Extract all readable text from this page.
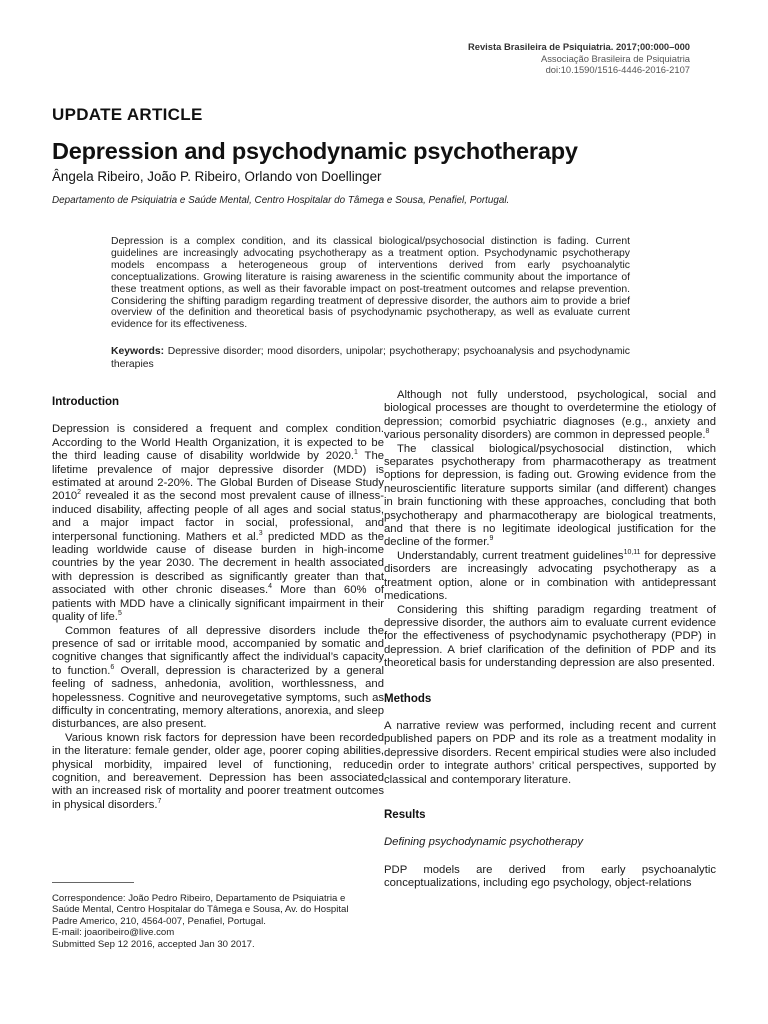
Revista Brasileira de Psiquiatria. 2017;00:000–000
Associação Brasileira de Psiquiatria
doi:10.1590/1516-4446-2016-2107
UPDATE ARTICLE
Depression and psychodynamic psychotherapy
Ângela Ribeiro, João P. Ribeiro, Orlando von Doellinger
Departamento de Psiquiatria e Saúde Mental, Centro Hospitalar do Tâmega e Sousa, Penafiel, Portugal.
Depression is a complex condition, and its classical biological/psychosocial distinction is fading. Current guidelines are increasingly advocating psychotherapy as a treatment option. Psychodynamic psychotherapy models encompass a heterogeneous group of interventions derived from early psychoanalytic conceptualizations. Growing literature is raising awareness in the scientific community about the importance of these treatment options, as well as their favorable impact on post-treatment outcomes and relapse prevention. Considering the shifting paradigm regarding treatment of depressive disorder, the authors aim to provide a brief overview of the definition and theoretical basis of psychodynamic psychotherapy, as well as evaluate current evidence for its effectiveness.
Keywords: Depressive disorder; mood disorders, unipolar; psychotherapy; psychoanalysis and psychodynamic therapies
Introduction

Depression is considered a frequent and complex condition. According to the World Health Organization, it is expected to be the third leading cause of disability worldwide by 2020.$^1$ The lifetime prevalence of major depressive disorder (MDD) is estimated at around 2-20%. The Global Burden of Disease Study 2010$^2$ revealed it as the second most prevalent cause of illness-induced disability, affecting people of all ages and social status, and a major impact factor in social, professional, and interpersonal functioning. Mathers et al.$^3$ predicted MDD as the leading worldwide cause of disease burden in high-income countries by the year 2030. The decrement in health associated with depression is described as significantly greater than that associated with other chronic diseases.$^4$ More than 60% of patients with MDD have a clinically significant impairment in their quality of life.$^5$

Common features of all depressive disorders include the presence of sad or irritable mood, accompanied by somatic and cognitive changes that significantly affect the individual’s capacity to function.$^6$ Overall, depression is characterized by a general feeling of sadness, anhedonia, avolition, worthlessness, and hopelessness. Cognitive and neurovegetative symptoms, such as difficulty in concentrating, memory alterations, anorexia, and sleep disturbances, are also present.

Various known risk factors for depression have been recorded in the literature: female gender, older age, poorer coping abilities, physical morbidity, impaired level of functioning, reduced cognition, and bereavement. Depression has been associated with an increased risk of mortality and poorer treatment outcomes in physical disorders.$^7$

Although not fully understood, psychological, social and biological processes are thought to overdetermine the etiology of depression; comorbid psychiatric diagnoses (e.g., anxiety and various personality disorders) are common in depressed people.$^8$

The classical biological/psychosocial distinction, which separates psychotherapy from pharmacotherapy as treatment options for depression, is fading out. Growing evidence from the neuroscientific literature supports similar (and different) changes in brain functioning with these approaches, concluding that both psychotherapy and pharmacotherapy are biological treatments, and that there is no legitimate ideological justification for the decline of the former.$^9$

Understandably, current treatment guidelines$^{10,11}$ for depressive disorders are increasingly advocating psychotherapy as a treatment option, alone or in combination with antidepressant medications.

Considering this shifting paradigm regarding treatment of depressive disorder, the authors aim to evaluate current evidence for the effectiveness of psychodynamic psychotherapy (PDP) in depression. A brief clarification of the definition of PDP and its theoretical basis for understanding depression are also presented.

Methods

A narrative review was performed, including recent and current published papers on PDP and its role as a treatment modality in depressive disorders. Recent empirical studies were also included in order to integrate authors’ critical perspectives, supported by classical and contemporary literature.

Results
Defining psychodynamic psychotherapy

PDP models are derived from early psychoanalytic conceptualizations, including ego psychology, object-relations

Correspondence: João Pedro Ribeiro, Departamento de Psiquiatria e Saúde Mental, Centro Hospitalar do Tâmega e Sousa, Av. do Hospital Padre Americo, 210, 4564-007, Penafiel, Portugal.
E-mail: joaoribeiro@live.com
Submitted Sep 12 2016, accepted Jan 30 2017.
